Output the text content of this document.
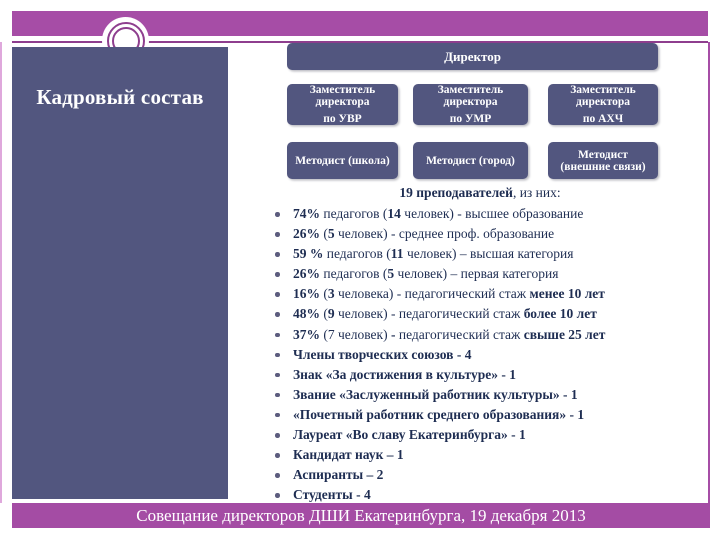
Кадровый состав
Директор
Заместитель директора
по УВР
Заместитель директора
по УМР
Заместитель директора
по АХЧ
Методист (школа)	Методист (город)	Методист (внешние связи)
19 преподавателей, из них:
74% педагогов (14 человек) - высшее образование
26% (5 человек) - среднее проф. образование
59 % педагогов (11 человек) – высшая категория
26% педагогов (5 человек) – первая категория
16% (3 человека) - педагогический стаж менее 10 лет
48% (9 человек) - педагогический стаж более 10 лет
37% (7 человек) - педагогический стаж свыше 25 лет
Члены творческих союзов - 4
Знак «За достижения в культуре» - 1
Звание «Заслуженный работник культуры» - 1
«Почетный работник среднего образования» - 1
Лауреат «Во славу Екатеринбурга» - 1
Кандидат наук – 1
Аспиранты – 2
Студенты - 4
Совещание директоров ДШИ Екатеринбурга, 19 декабря 2013
